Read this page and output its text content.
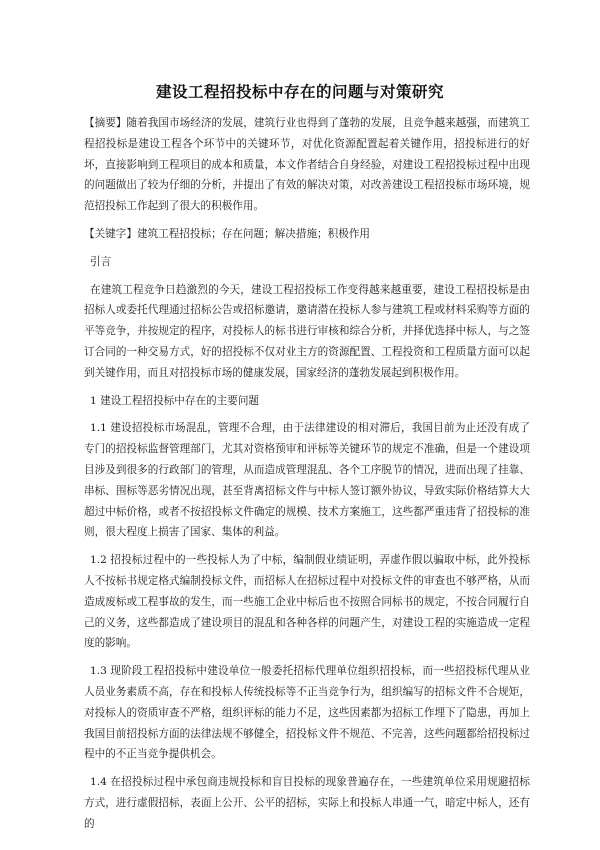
建设工程招投标中存在的问题与对策研究

【摘要】随着我国市场经济的发展，建筑行业也得到了蓬勃的发展，且竞争越来越强，而建筑工程招投标是建设工程各个环节中的关键环节，对优化资源配置起着关键作用，招投标进行的好坏，直接影响到工程项目的成本和质量，本文作者结合自身经验，对建设工程招投标过程中出现的问题做出了较为仔细的分析，并提出了有效的解决对策，对改善建设工程招投标市场环境，规范招投标工作起到了很大的积极作用。

【关键字】建筑工程招投标；存在问题；解决措施；积极作用

引言

在建筑工程竞争日趋激烈的今天，建设工程招投标工作变得越来越重要，建设工程招投标是由招标人或委托代理通过招标公告或招标邀请，邀请潜在投标人参与建筑工程或材料采购等方面的平等竞争，并按规定的程序，对投标人的标书进行审核和综合分析，并择优选择中标人，与之签订合同的一种交易方式，好的招投标不仅对业主方的资源配置、工程投资和工程质量方面可以起到关键作用，而且对招投标市场的健康发展，国家经济的蓬勃发展起到积极作用。

1 建设工程招投标中存在的主要问题

1.1 建设招投标市场混乱，管理不合理，由于法律建设的相对滞后，我国目前为止还没有成了专门的招投标监督管理部门，尤其对资格预审和评标等关键环节的规定不准确，但是一个建设项目涉及到很多的行政部门的管理，从而造成管理混乱、各个工序脱节的情况，进而出现了挂靠、串标、围标等恶劣情况出现，甚至背离招标文件与中标人签订额外协议，导致实际价格结算大大超过中标价格，或者不按招投标文件确定的规模、技术方案施工，这些都严重违背了招投标的准则，很大程度上损害了国家、集体的利益。

1.2 招投标过程中的一些投标人为了中标，编制假业绩证明，弄虚作假以骗取中标，此外投标人不按标书规定格式编制投标文件，而招标人在招标过程中对投标文件的审查也不够严格，从而造成废标或工程事故的发生，而一些施工企业中标后也不按照合同标书的规定，不按合同履行自己的义务，这些都造成了建设项目的混乱和各种各样的问题产生，对建设工程的实施造成一定程度的影响。

1.3 现阶段工程招投标中建设单位一般委托招标代理单位组织招投标，而一些招投标代理从业人员业务素质不高，存在和投标人传统投标等不正当竞争行为，组织编写的招标文件不合规矩，对投标人的资质审查不严格，组织评标的能力不足，这些因素都为招标工作埋下了隐患，再加上我国目前招投标方面的法律法规不够健全，招投标文件不规范、不完善，这些问题都给招投标过程中的不正当竞争提供机会。

1.4 在招投标过程中承包商违规投标和盲目投标的现象普遍存在，一些建筑单位采用规避招标方式，进行虚假招标，表面上公开、公平的招标，实际上和投标人串通一气，暗定中标人，还有的
